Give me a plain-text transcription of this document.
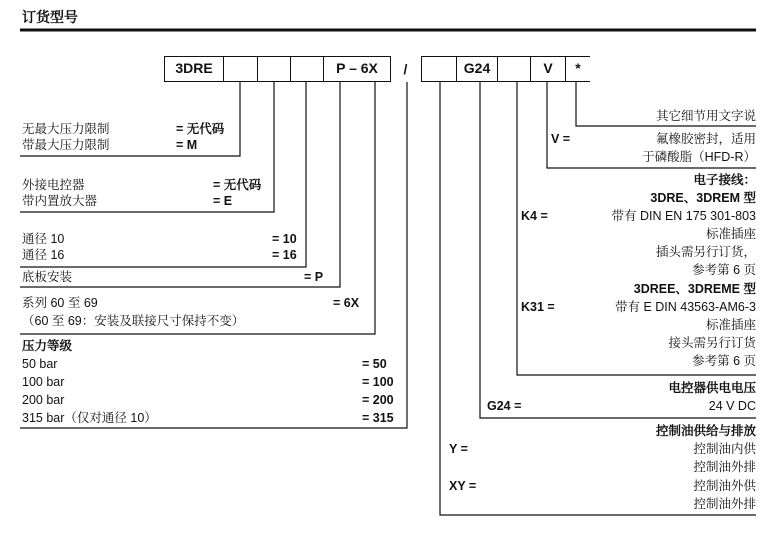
订货型号
3DRE	P – 6X	/	G24	V	*
无最大压力限制	= 无代码
带最大压力限制	= M
外接电控器	= 无代码
带内置放大器	= E
通径 10	= 10
通径 16	= 16
底板安装	= P
系列 60 至 69	= 6X
（60 至 69：安装及联接尺寸保持不变）
压力等级
50 bar	= 50
100 bar	= 100
200 bar	= 200
315 bar（仅对通径 10）	= 315
其它细节用文字说
V =	氟橡胶密封，适用
于磷酸脂（HFD-R）
电子接线：
3DRE、3DREM 型
K4 =	带有 DIN EN 175 301-803
标准插座
插头需另行订货，
参考第 6 页
3DREE、3DREME 型
K31 =	带有 E DIN 43563-AM6-3
标准插座
接头需另行订货
参考第 6 页
电控器供电电压
G24 =	24 V DC
控制油供给与排放
Y =	控制油内供
控制油外排
XY =	控制油外供
控制油外排
